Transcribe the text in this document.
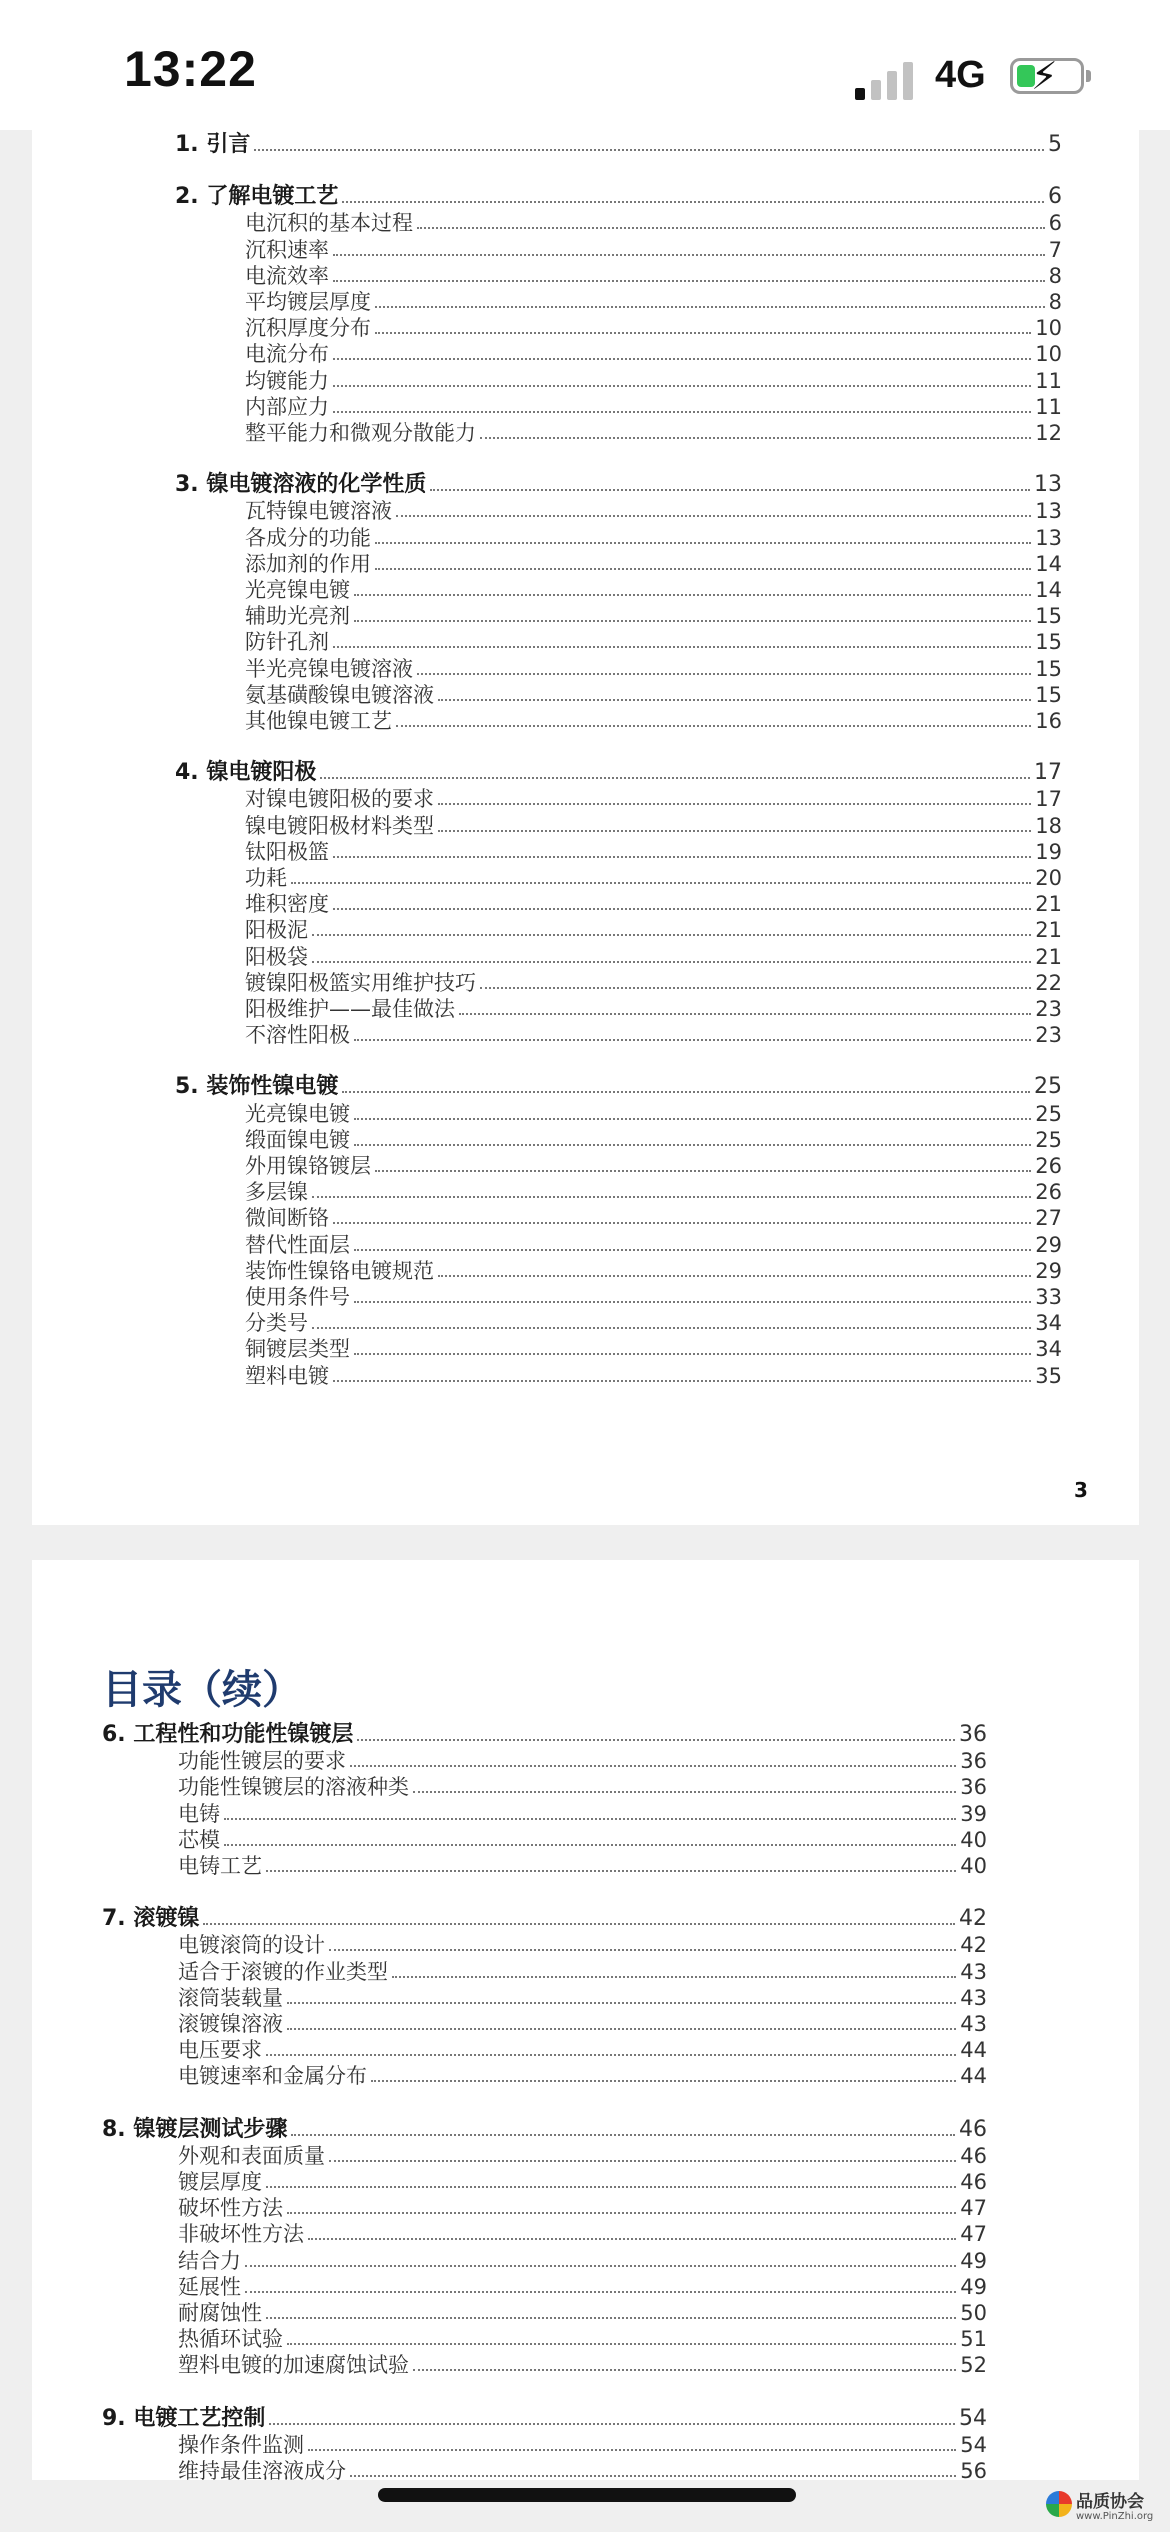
13:22	4G ⚡
1. 引言	5
2. 了解电镀工艺	6
电沉积的基本过程	6
沉积速率	7
电流效率	8
平均镀层厚度	8
沉积厚度分布	10
电流分布	10
均镀能力	11
内部应力	11
整平能力和微观分散能力	12
3. 镍电镀溶液的化学性质	13
瓦特镍电镀溶液	13
各成分的功能	13
添加剂的作用	14
光亮镍电镀	14
辅助光亮剂	15
防针孔剂	15
半光亮镍电镀溶液	15
氨基磺酸镍电镀溶液	15
其他镍电镀工艺	16
4. 镍电镀阳极	17
对镍电镀阳极的要求	17
镍电镀阳极材料类型	18
钛阳极篮	19
功耗	20
堆积密度	21
阳极泥	21
阳极袋	21
镀镍阳极篮实用维护技巧	22
阳极维护——最佳做法	23
不溶性阳极	23
5. 装饰性镍电镀	25
光亮镍电镀	25
缎面镍电镀	25
外用镍铬镀层	26
多层镍	26
微间断铬	27
替代性面层	29
装饰性镍铬电镀规范	29
使用条件号	33
分类号	34
铜镀层类型	34
塑料电镀	35
3
目录（续）
6. 工程性和功能性镍镀层	36
功能性镀层的要求	36
功能性镍镀层的溶液种类	36
电铸	39
芯模	40
电铸工艺	40
7. 滚镀镍	42
电镀滚筒的设计	42
适合于滚镀的作业类型	43
滚筒装载量	43
滚镀镍溶液	43
电压要求	44
电镀速率和金属分布	44
8. 镍镀层测试步骤	46
外观和表面质量	46
镀层厚度	46
破坏性方法	47
非破坏性方法	47
结合力	49
延展性	49
耐腐蚀性	50
热循环试验	51
塑料电镀的加速腐蚀试验	52
9. 电镀工艺控制	54
操作条件监测	54
维持最佳溶液成分	56
品质协会
www.PinZhi.org
